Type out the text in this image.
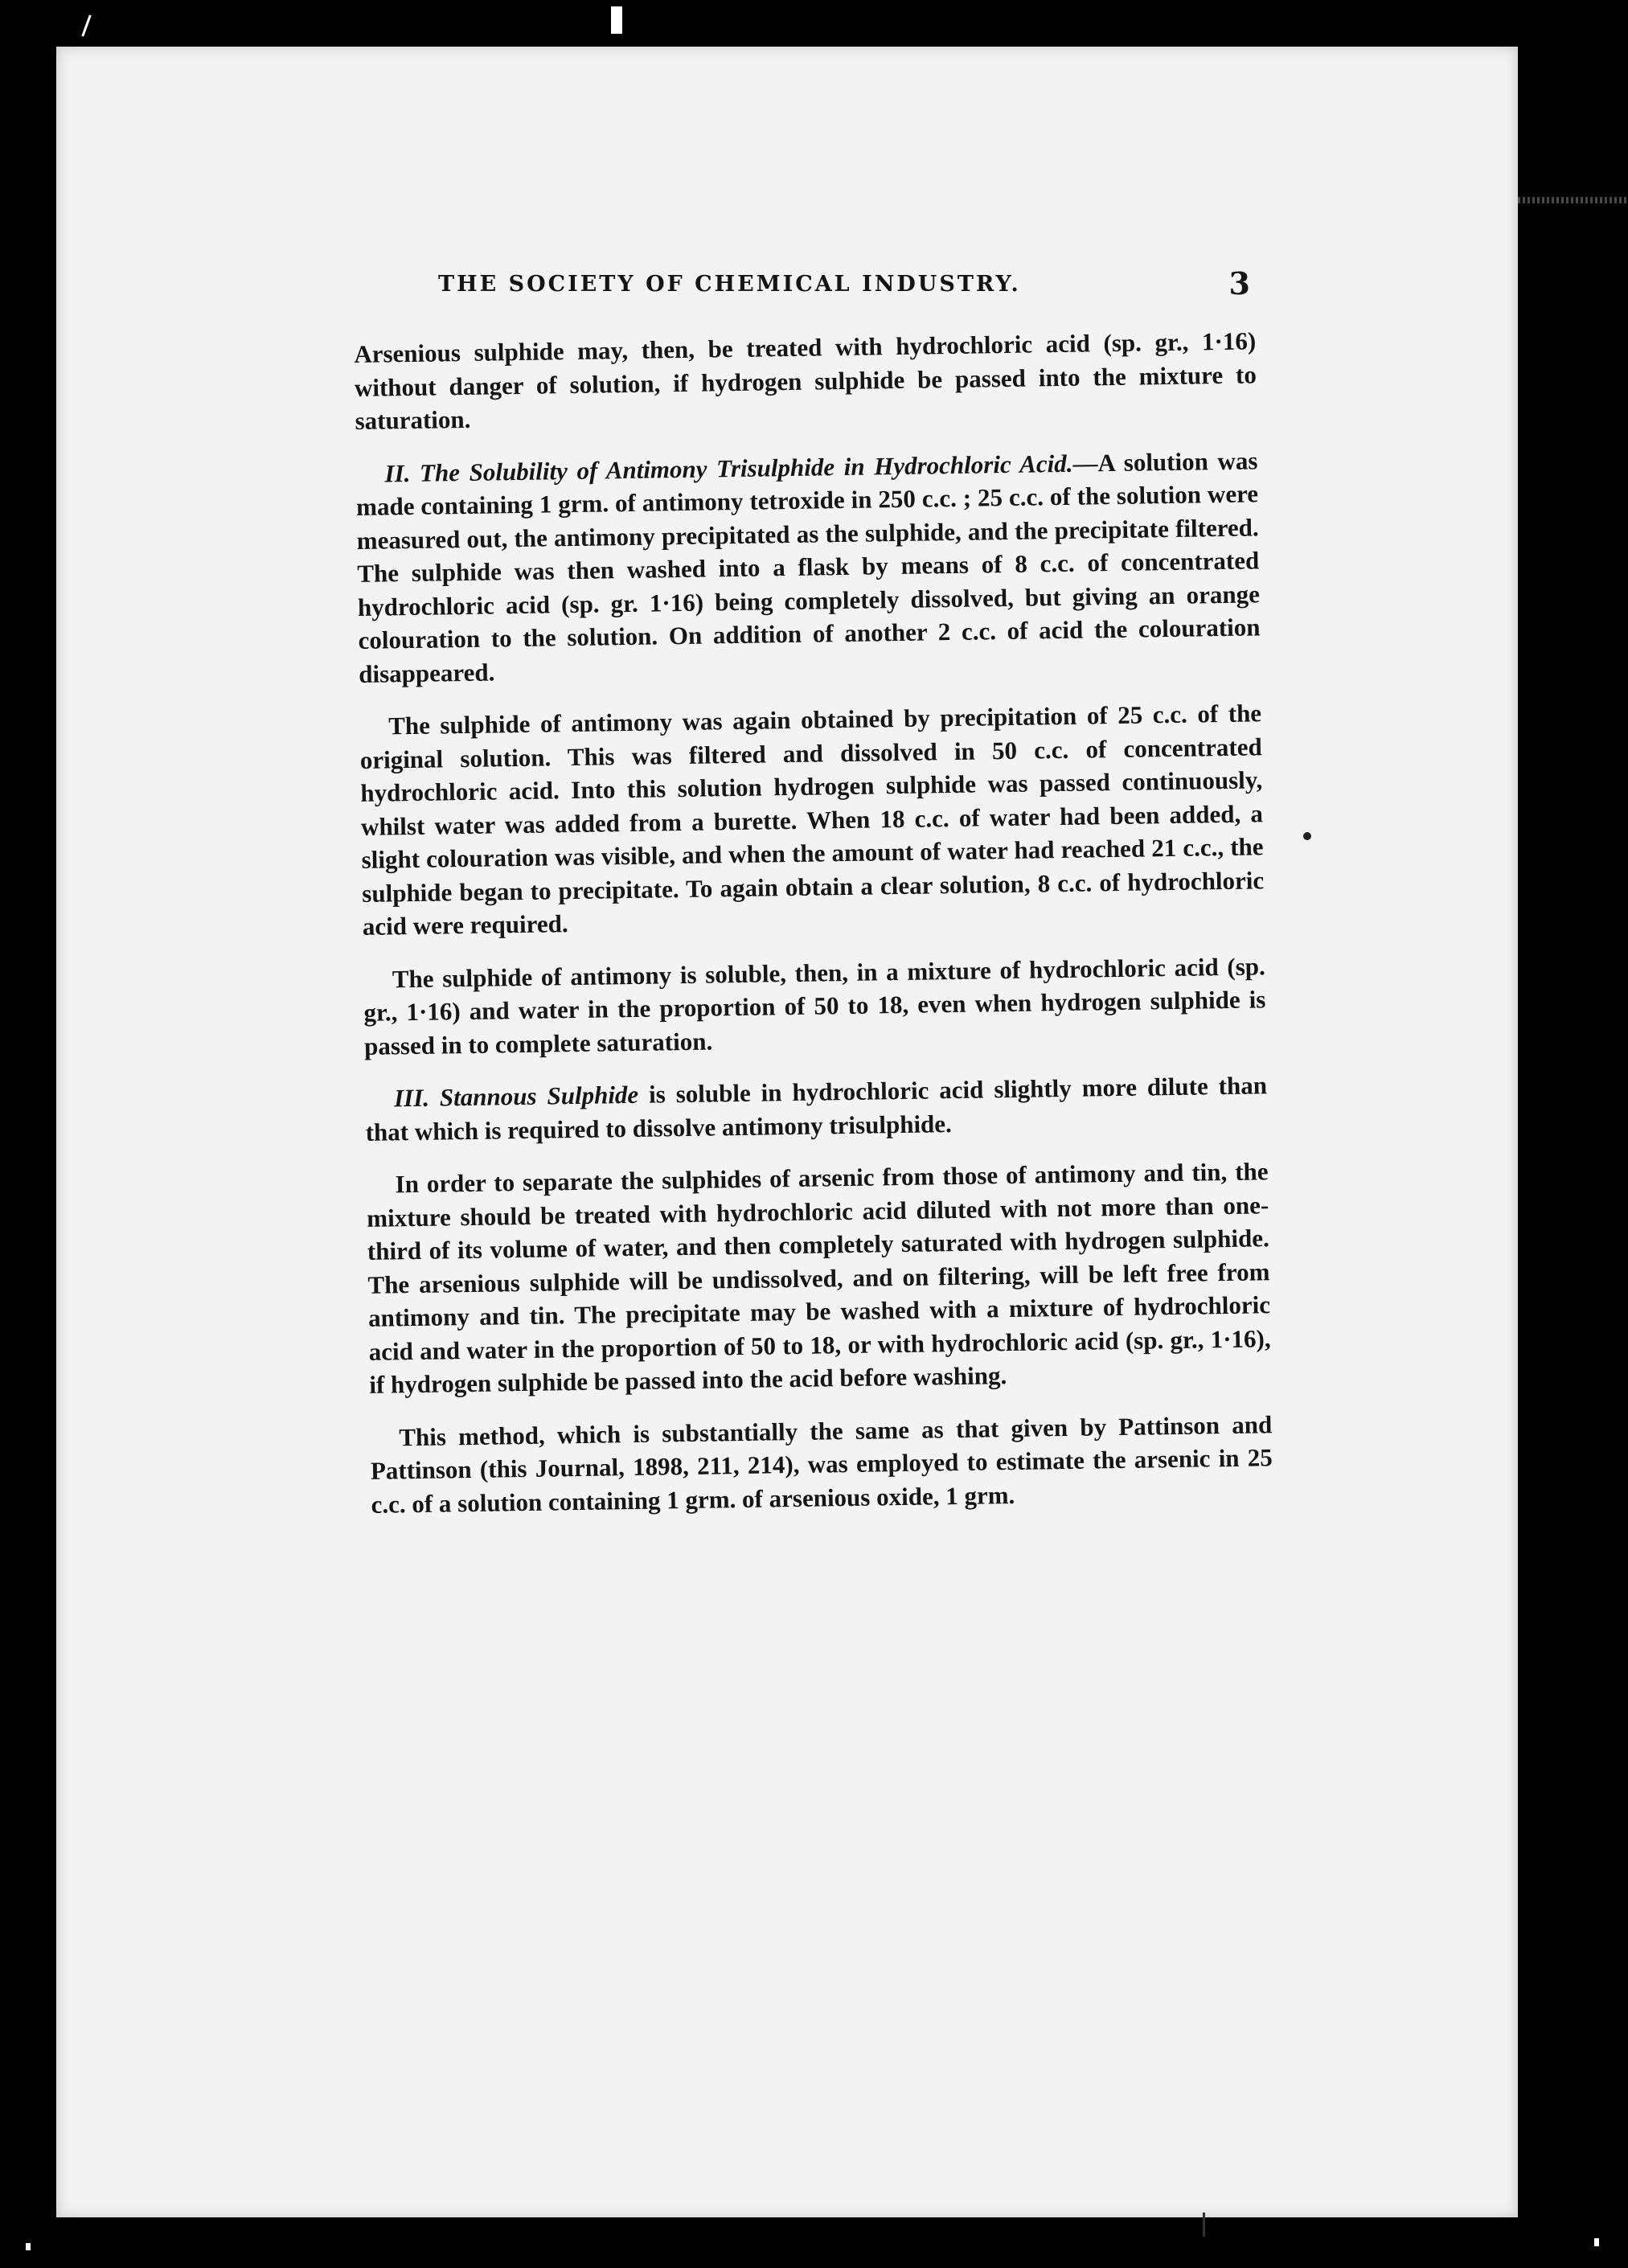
THE SOCIETY OF CHEMICAL INDUSTRY.	3

Arsenious sulphide may, then, be treated with hydrochloric acid (sp. gr., 1·16) without danger of solution, if hydrogen sulphide be passed into the mixture to saturation.

II. The Solubility of Antimony Trisulphide in Hydrochloric Acid.—A solution was made containing 1 grm. of antimony tetroxide in 250 c.c. ; 25 c.c. of the solution were measured out, the antimony precipitated as the sulphide, and the precipitate filtered. The sulphide was then washed into a flask by means of 8 c.c. of concentrated hydrochloric acid (sp. gr. 1·16) being completely dissolved, but giving an orange colouration to the solution. On addition of another 2 c.c. of acid the colouration disappeared.

The sulphide of antimony was again obtained by precipitation of 25 c.c. of the original solution. This was filtered and dissolved in 50 c.c. of concentrated hydrochloric acid. Into this solution hydrogen sulphide was passed continuously, whilst water was added from a burette. When 18 c.c. of water had been added, a slight colouration was visible, and when the amount of water had reached 21 c.c., the sulphide began to precipitate. To again obtain a clear solution, 8 c.c. of hydrochloric acid were required.

The sulphide of antimony is soluble, then, in a mixture of hydrochloric acid (sp. gr., 1·16) and water in the proportion of 50 to 18, even when hydrogen sulphide is passed in to complete saturation.

III. Stannous Sulphide is soluble in hydrochloric acid slightly more dilute than that which is required to dissolve antimony trisulphide.

In order to separate the sulphides of arsenic from those of antimony and tin, the mixture should be treated with hydrochloric acid diluted with not more than one-third of its volume of water, and then completely saturated with hydrogen sulphide. The arsenious sulphide will be undissolved, and on filtering, will be left free from antimony and tin. The precipitate may be washed with a mixture of hydrochloric acid and water in the proportion of 50 to 18, or with hydrochloric acid (sp. gr., 1·16), if hydrogen sulphide be passed into the acid before washing.

This method, which is substantially the same as that given by Pattinson and Pattinson (this Journal, 1898, 211, 214), was employed to estimate the arsenic in 25 c.c. of a solution containing 1 grm. of arsenious oxide, 1 grm.
